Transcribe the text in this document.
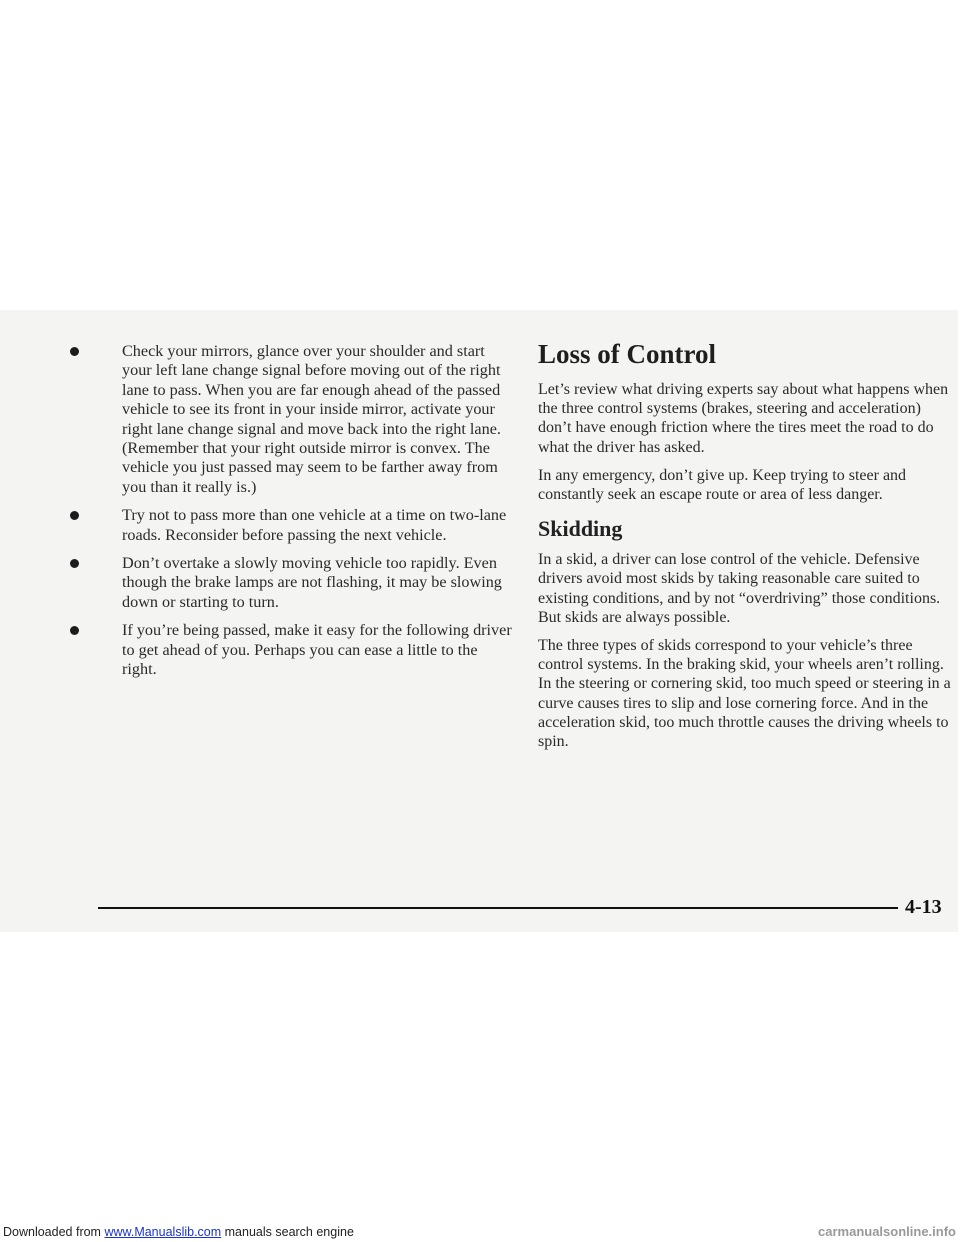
Check your mirrors, glance over your shoulder and start your left lane change signal before moving out of the right lane to pass. When you are far enough ahead of the passed vehicle to see its front in your inside mirror, activate your right lane change signal and move back into the right lane. (Remember that your right outside mirror is convex. The vehicle you just passed may seem to be farther away from you than it really is.)
Try not to pass more than one vehicle at a time on two-lane roads. Reconsider before passing the next vehicle.
Don’t overtake a slowly moving vehicle too rapidly. Even though the brake lamps are not flashing, it may be slowing down or starting to turn.
If you’re being passed, make it easy for the following driver to get ahead of you. Perhaps you can ease a little to the right.
Loss of Control

Let’s review what driving experts say about what happens when the three control systems (brakes, steering and acceleration) don’t have enough friction where the tires meet the road to do what the driver has asked.

In any emergency, don’t give up. Keep trying to steer and constantly seek an escape route or area of less danger.

Skidding

In a skid, a driver can lose control of the vehicle. Defensive drivers avoid most skids by taking reasonable care suited to existing conditions, and by not “overdriving” those conditions. But skids are always possible.

The three types of skids correspond to your vehicle’s three control systems. In the braking skid, your wheels aren’t rolling. In the steering or cornering skid, too much speed or steering in a curve causes tires to slip and lose cornering force. And in the acceleration skid, too much throttle causes the driving wheels to spin.

4-13
Downloaded from www.Manualslib.com manuals search engine	carmanualsonline.info
